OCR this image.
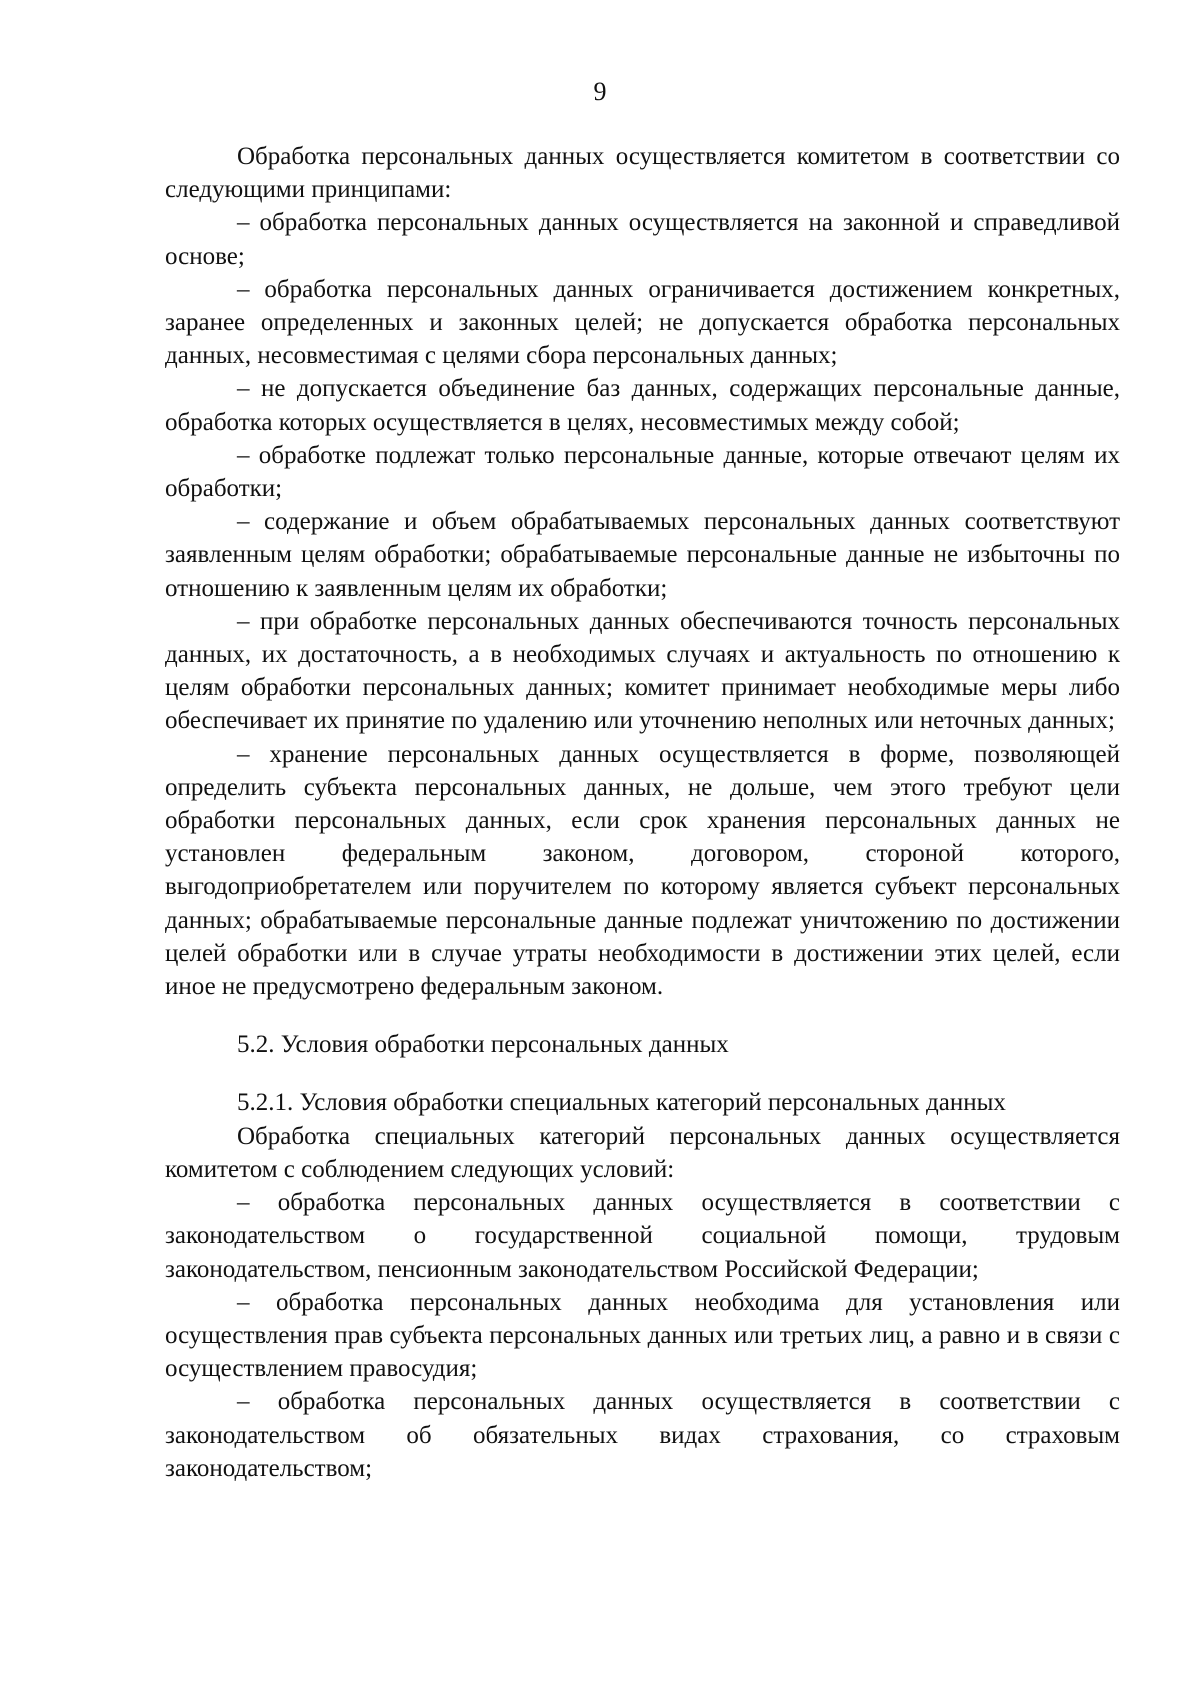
9

Обработка персональных данных осуществляется комитетом в соответствии со следующими принципами:

– обработка персональных данных осуществляется на законной и справедливой основе;

– обработка персональных данных ограничивается достижением конкретных, заранее определенных и законных целей; не допускается обработка персональных данных, несовместимая с целями сбора персональных данных;

– не допускается объединение баз данных, содержащих персональные данные, обработка которых осуществляется в целях, несовместимых между собой;

– обработке подлежат только персональные данные, которые отвечают целям их обработки;

– содержание и объем обрабатываемых персональных данных соответствуют заявленным целям обработки; обрабатываемые персональные данные не избыточны по отношению к заявленным целям их обработки;

– при обработке персональных данных обеспечиваются точность персональных данных, их достаточность, а в необходимых случаях и актуальность по отношению к целям обработки персональных данных; комитет принимает необходимые меры либо обеспечивает их принятие по удалению или уточнению неполных или неточных данных;

– хранение персональных данных осуществляется в форме, позволяющей определить субъекта персональных данных, не дольше, чем этого требуют цели обработки персональных данных, если срок хранения персональных данных не установлен федеральным законом, договором, стороной которого, выгодоприобретателем или поручителем по которому является субъект персональных данных; обрабатываемые персональные данные подлежат уничтожению по достижении целей обработки или в случае утраты необходимости в достижении этих целей, если иное не предусмотрено федеральным законом.

5.2. Условия обработки персональных данных

5.2.1. Условия обработки специальных категорий персональных данных

Обработка специальных категорий персональных данных осуществляется комитетом с соблюдением следующих условий:

– обработка персональных данных осуществляется в соответствии с законодательством о государственной социальной помощи, трудовым законодательством, пенсионным законодательством Российской Федерации;

– обработка персональных данных необходима для установления или осуществления прав субъекта персональных данных или третьих лиц, а равно и в связи с осуществлением правосудия;

– обработка персональных данных осуществляется в соответствии с законодательством об обязательных видах страхования, со страховым законодательством;
